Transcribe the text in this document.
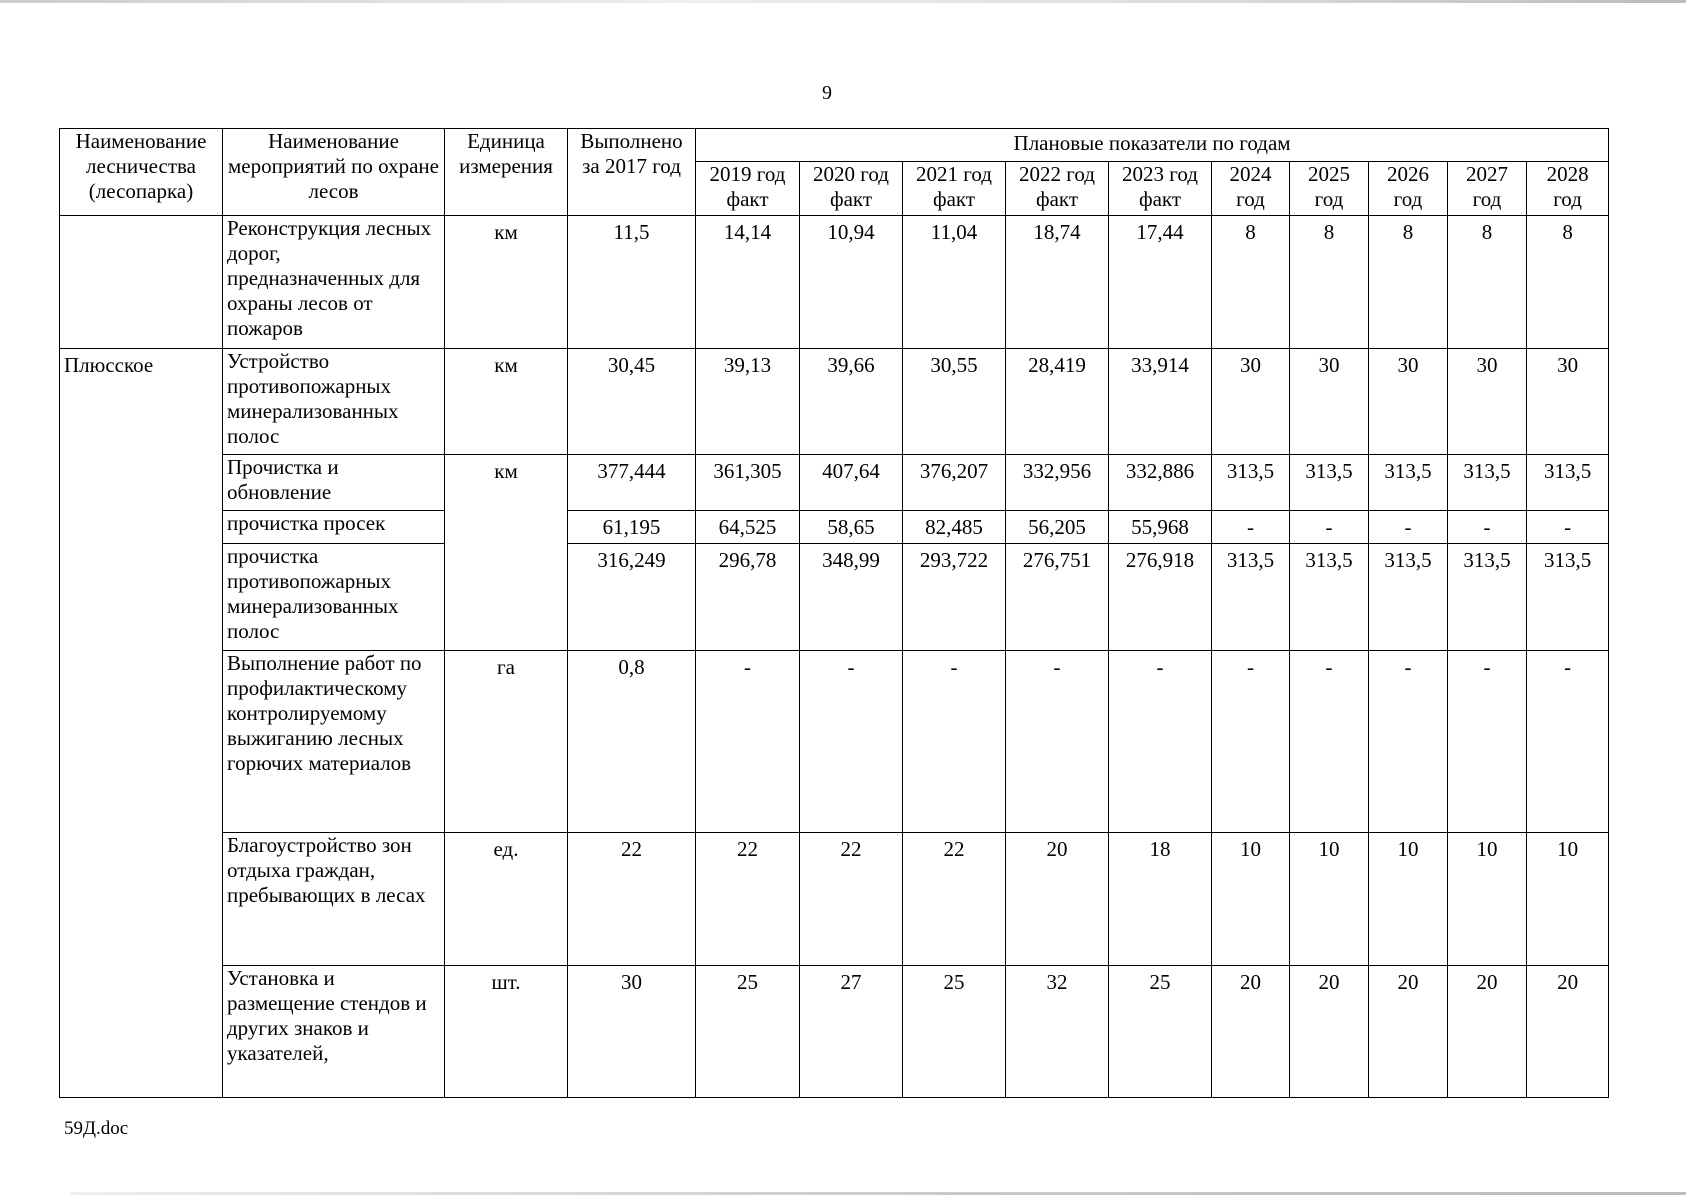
9
Наименование лесничества (лесопарка)	Наименование мероприятий по охране лесов	Единица измерения	Выполнено за 2017 год	Плановые показатели по годам									
				2019 год факт	2020 год факт	2021 год факт	2022 год факт	2023 год факт	2024 год	2025 год	2026 год	2027 год	2028 год
	Реконструкция лесных дорог, предназначенных для охраны лесов от пожаров	км	11,5	14,14	10,94	11,04	18,74	17,44	8	8	8	8	8
Плюсское	Устройство противопожарных минерализованных полос	км	30,45	39,13	39,66	30,55	28,419	33,914	30	30	30	30	30
	Прочистка и обновление	км	377,444	361,305	407,64	376,207	332,956	332,886	313,5	313,5	313,5	313,5	313,5
	прочистка просек		61,195	64,525	58,65	82,485	56,205	55,968	-	-	-	-	-
	прочистка противопожарных минерализованных полос		316,249	296,78	348,99	293,722	276,751	276,918	313,5	313,5	313,5	313,5	313,5
	Выполнение работ по профилактическому контролируемому выжиганию лесных горючих материалов	га	0,8	-	-	-	-	-	-	-	-	-	-
	Благоустройство зон отдыха граждан, пребывающих в лесах	ед.	22	22	22	22	20	18	10	10	10	10	10
	Установка и размещение стендов и других знаков и указателей,	шт.	30	25	27	25	32	25	20	20	20	20	20
59Д.doc
